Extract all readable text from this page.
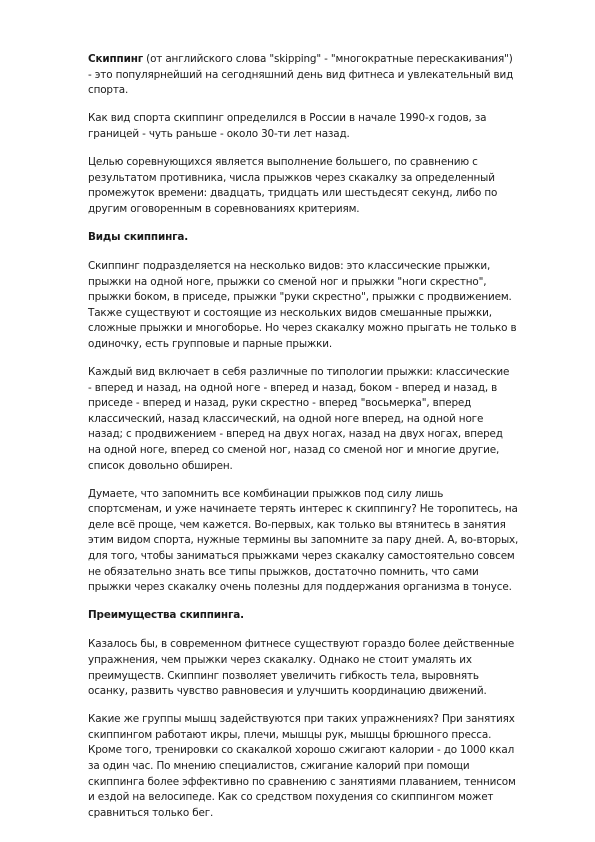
Скиппинг (от английского слова "skipping" - "многократные перескакивания")
- это популярнейший на сегодняшний день вид фитнеса и увлекательный вид
спорта.

Как вид спорта скиппинг определился в России в начале 1990-х годов, за
границей - чуть раньше - около 30-ти лет назад.

Целью соревнующихся является выполнение большего, по сравнению с
результатом противника, числа прыжков через скакалку за определенный
промежуток времени: двадцать, тридцать или шестьдесят секунд, либо по
другим оговоренным в соревнованиях критериям.

Виды скиппинга.

Скиппинг подразделяется на несколько видов: это классические прыжки,
прыжки на одной ноге, прыжки со сменой ног и прыжки "ноги скрестно",
прыжки боком, в приседе, прыжки "руки скрестно", прыжки с продвижением.
Также существуют и состоящие из нескольких видов смешанные прыжки,
сложные прыжки и многоборье. Но через скакалку можно прыгать не только в
одиночку, есть групповые и парные прыжки.

Каждый вид включает в себя различные по типологии прыжки: классические
- вперед и назад, на одной ноге - вперед и назад, боком - вперед и назад, в
приседе - вперед и назад, руки скрестно - вперед "восьмерка", вперед
классический, назад классический, на одной ноге вперед, на одной ноге
назад; с продвижением - вперед на двух ногах, назад на двух ногах, вперед
на одной ноге, вперед со сменой ног, назад со сменой ног и многие другие,
список довольно обширен.

Думаете, что запомнить все комбинации прыжков под силу лишь
спортсменам, и уже начинаете терять интерес к скиппингу? Не торопитесь, на
деле всё проще, чем кажется. Во-первых, как только вы втянитесь в занятия
этим видом спорта, нужные термины вы запомните за пару дней. А, во-вторых,
для того, чтобы заниматься прыжками через скакалку самостоятельно совсем
не обязательно знать все типы прыжков, достаточно помнить, что сами
прыжки через скакалку очень полезны для поддержания организма в тонусе.

Преимущества скиппинга.

Казалось бы, в современном фитнесе существуют гораздо более действенные
упражнения, чем прыжки через скакалку. Однако не стоит умалять их
преимуществ. Скиппинг позволяет увеличить гибкость тела, выровнять
осанку, развить чувство равновесия и улучшить координацию движений.

Какие же группы мышц задействуются при таких упражнениях? При занятиях
скиппингом работают икры, плечи, мышцы рук, мышцы брюшного пресса.
Кроме того, тренировки со скакалкой хорошо сжигают калории - до 1000 ккал
за один час. По мнению специалистов, сжигание калорий при помощи
скиппинга более эффективно по сравнению с занятиями плаванием, теннисом
и ездой на велосипеде. Как со средством похудения со скиппингом может
сравниться только бег.
